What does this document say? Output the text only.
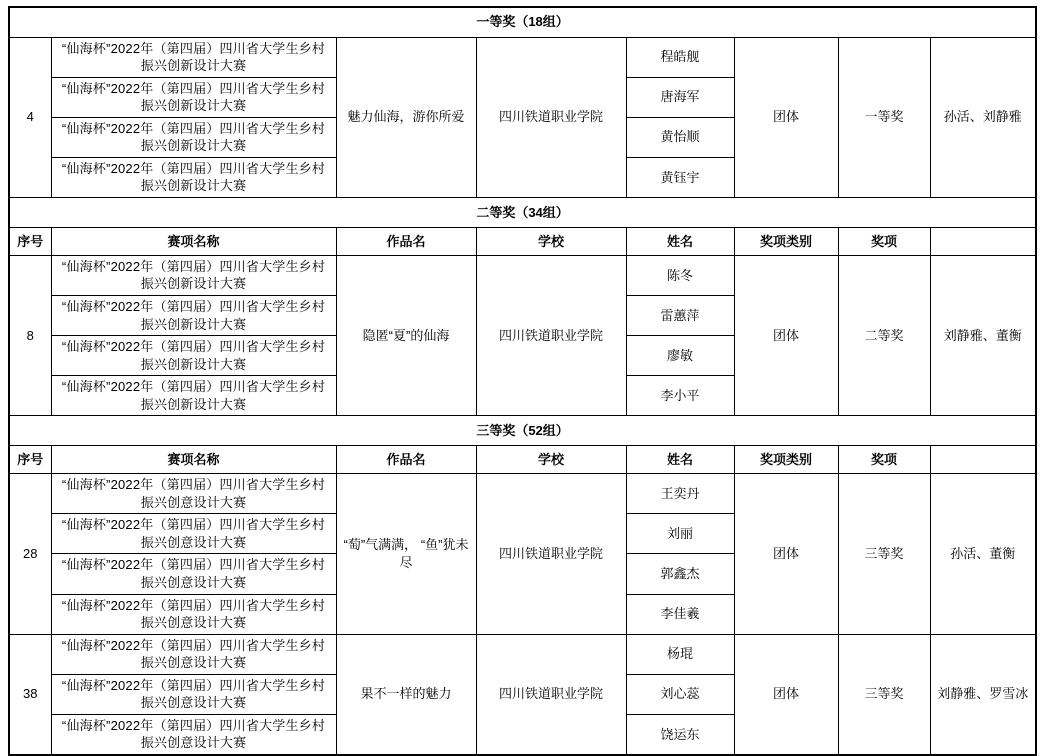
一等奖（18组）							
4	“仙海杯”2022年（第四届）四川省大学生乡村
振兴创新设计大赛	魅力仙海，游你所爱	四川铁道职业学院	程皓舰	团体	一等奖	孙活、刘静雅

	“仙海杯”2022年（第四届）四川省大学生乡村
振兴创新设计大赛			唐海军			

	“仙海杯”2022年（第四届）四川省大学生乡村
振兴创新设计大赛			黄怡顺			

	“仙海杯”2022年（第四届）四川省大学生乡村
振兴创新设计大赛			黄钰宇			
二等奖（34组）							
序号	赛项名称	作品名	学校	姓名	奖项类别	奖项	
8	“仙海杯”2022年（第四届）四川省大学生乡村
振兴创新设计大赛	隐匿“夏”的仙海	四川铁道职业学院	陈冬	团体	二等奖	刘静雅、董衡

	“仙海杯”2022年（第四届）四川省大学生乡村
振兴创新设计大赛			雷蕙萍			

	“仙海杯”2022年（第四届）四川省大学生乡村
振兴创新设计大赛			廖敏			

	“仙海杯”2022年（第四届）四川省大学生乡村
振兴创新设计大赛			李小平			
三等奖（52组）							
序号	赛项名称	作品名	学校	姓名	奖项类别	奖项	
28	“仙海杯”2022年（第四届）四川省大学生乡村
振兴创意设计大赛	“萄”气满满， “鱼”犹未尽	四川铁道职业学院	王奕丹	团体	三等奖	孙活、董衡

	“仙海杯”2022年（第四届）四川省大学生乡村
振兴创意设计大赛			刘丽			

	“仙海杯”2022年（第四届）四川省大学生乡村
振兴创意设计大赛			郭鑫杰			

	“仙海杯”2022年（第四届）四川省大学生乡村
振兴创意设计大赛			李佳羲			
38	“仙海杯”2022年（第四届）四川省大学生乡村
振兴创意设计大赛	果不一样的魅力	四川铁道职业学院	杨琨	团体	三等奖	刘静雅、罗雪冰

	“仙海杯”2022年（第四届）四川省大学生乡村
振兴创意设计大赛			刘心蕊			

	“仙海杯”2022年（第四届）四川省大学生乡村
振兴创意设计大赛			饶运东			
